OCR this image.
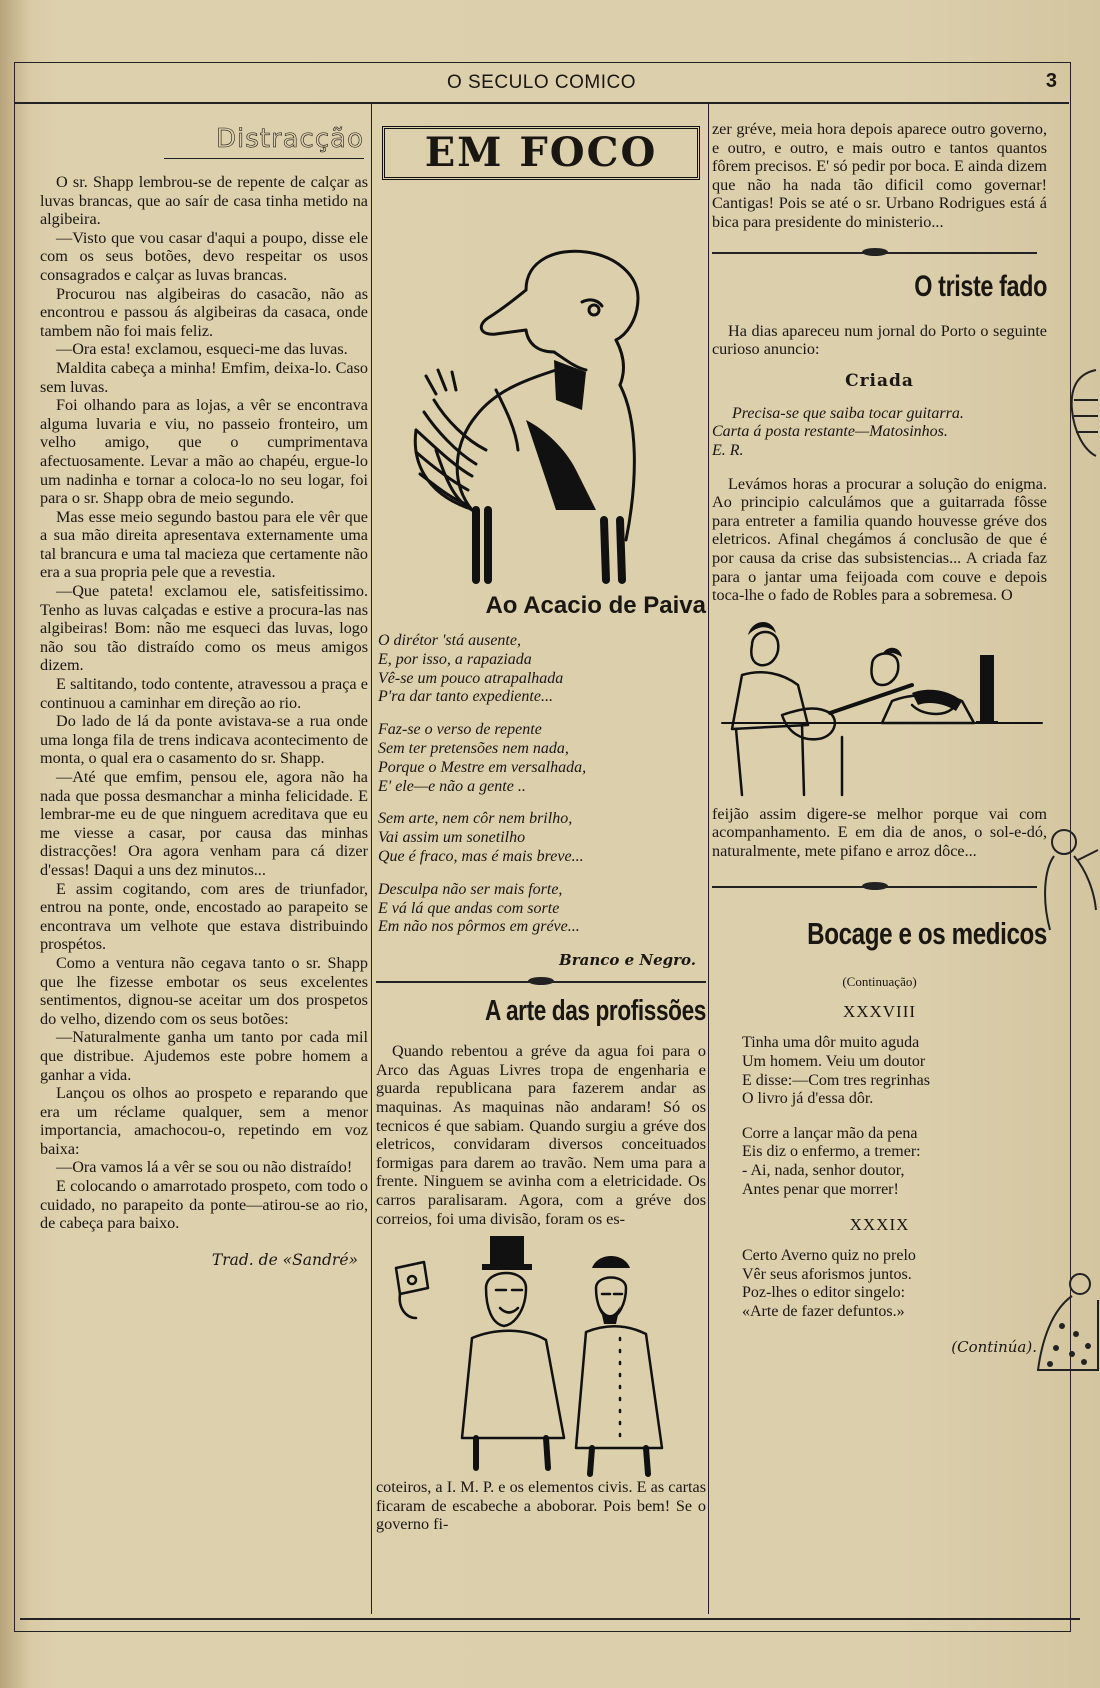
O SECULO COMICO	3
Distracção

O sr. Shapp lembrou-se de repente de calçar as luvas brancas, que ao saír de casa tinha metido na algibeira.

—Visto que vou casar d'aqui a poupo, disse ele com os seus botões, devo respeitar os usos consagrados e calçar as luvas brancas.

Procurou nas algibeiras do casacão, não as encontrou e passou ás algibeiras da casaca, onde tambem não foi mais feliz.

—Ora esta! exclamou, esqueci-me das luvas.

Maldita cabeça a minha! Emfim, deixa-lo. Caso sem luvas.

Foi olhando para as lojas, a vêr se encontrava alguma luvaria e viu, no passeio fronteiro, um velho amigo, que o cumprimentava afectuosamente. Levar a mão ao chapéu, ergue-lo um nadinha e tornar a coloca-lo no seu logar, foi para o sr. Shapp obra de meio segundo.

Mas esse meio segundo bastou para ele vêr que a sua mão direita apresentava externamente uma tal brancura e uma tal macieza que certamente não era a sua propria pele que a revestia.

—Que pateta! exclamou ele, satisfeitissimo. Tenho as luvas calçadas e estive a procura-las nas algibeiras! Bom: não me esqueci das luvas, logo não sou tão distraído como os meus amigos dizem.

E saltitando, todo contente, atravessou a praça e continuou a caminhar em direção ao rio.

Do lado de lá da ponte avistava-se a rua onde uma longa fila de trens indicava acontecimento de monta, o qual era o casamento do sr. Shapp.

—Até que emfim, pensou ele, agora não ha nada que possa desmanchar a minha felicidade. E lembrar-me eu de que ninguem acreditava que eu me viesse a casar, por causa das minhas distracções! Ora agora venham para cá dizer d'essas! Daqui a uns dez minutos...

E assim cogitando, com ares de triunfador, entrou na ponte, onde, encostado ao parapeito se encontrava um velhote que estava distribuindo prospétos.

Como a ventura não cegava tanto o sr. Shapp que lhe fizesse embotar os seus excelentes sentimentos, dignou-se aceitar um dos prospetos do velho, dizendo com os seus botões:

—Naturalmente ganha um tanto por cada mil que distribue. Ajudemos este pobre homem a ganhar a vida.

Lançou os olhos ao prospeto e reparando que era um réclame qualquer, sem a menor importancia, amachocou-o, repetindo em voz baixa:

—Ora vamos lá a vêr se sou ou não distraído!

E colocando o amarrotado prospeto, com todo o cuidado, no parapeito da ponte—atirou-se ao rio, de cabeça para baixo.

Trad. de «Sandré»
EM FOCO
Ao Acacio de Paiva
O dirétor 'stá ausente,
E, por isso, a rapaziada
Vê-se um pouco atrapalhada
P'ra dar tanto expediente...
Faz-se o verso de repente
Sem ter pretensões nem nada,
Porque o Mestre em versalhada,
E' ele—e não a gente ..
Sem arte, nem côr nem brilho,
Vai assim um sonetilho
Que é fraco, mas é mais breve...
Desculpa não ser mais forte,
E vá lá que andas com sorte
Em não nos pôrmos em gréve...
Branco e Negro.
A arte das profissões

Quando rebentou a gréve da agua foi para o Arco das Aguas Livres tropa de engenharia e guarda republicana para fazerem andar as maquinas. As maquinas não andaram! Só os tecnicos é que sabiam. Quando surgiu a gréve dos eletricos, convidaram diversos conceituados formigas para darem ao travão. Nem uma para a frente. Ninguem se avinha com a eletricidade. Os carros paralisaram. Agora, com a gréve dos correios, foi uma divisão, foram os es-

coteiros, a I. M. P. e os elementos civis. E as cartas ficaram de escabeche a aboborar. Pois bem! Se o governo fi-

zer gréve, meia hora depois aparece outro governo, e outro, e outro, e mais outro e tantos quantos fôrem precisos. E' só pedir por boca. E ainda dizem que não ha nada tão dificil como governar! Cantigas! Pois se até o sr. Urbano Rodrigues está á bica para presidente do ministerio...

O triste fado

Ha dias apareceu num jornal do Porto o seguinte curioso anuncio:

Criada
Precisa-se que saiba tocar guitarra.
Carta á posta restante—Matosinhos.
E. R.

Levámos horas a procurar a solução do enigma. Ao principio calculámos que a guitarrada fôsse para entreter a familia quando houvesse gréve dos eletricos. Afinal chegámos á conclusão de que é por causa da crise das subsistencias... A criada faz para o jantar uma feijoada com couve e depois toca-lhe o fado de Robles para a sobremesa. O

feijão assim digere-se melhor porque vai com acompanhamento. E em dia de anos, o sol-e-dó, naturalmente, mete pifano e arroz dôce...

Bocage e os medicos
(Continuação)
XXXVIII
Tinha uma dôr muito aguda
Um homem. Veiu um doutor
E disse:—Com tres regrinhas
O livro já d'essa dôr.
Corre a lançar mão da pena
Eis diz o enfermo, a tremer:
- Ai, nada, senhor doutor,
Antes penar que morrer!
XXXIX
Certo Averno quiz no prelo
Vêr seus aforismos juntos.
Poz-lhes o editor singelo:
«Arte de fazer defuntos.»
(Continúa).
